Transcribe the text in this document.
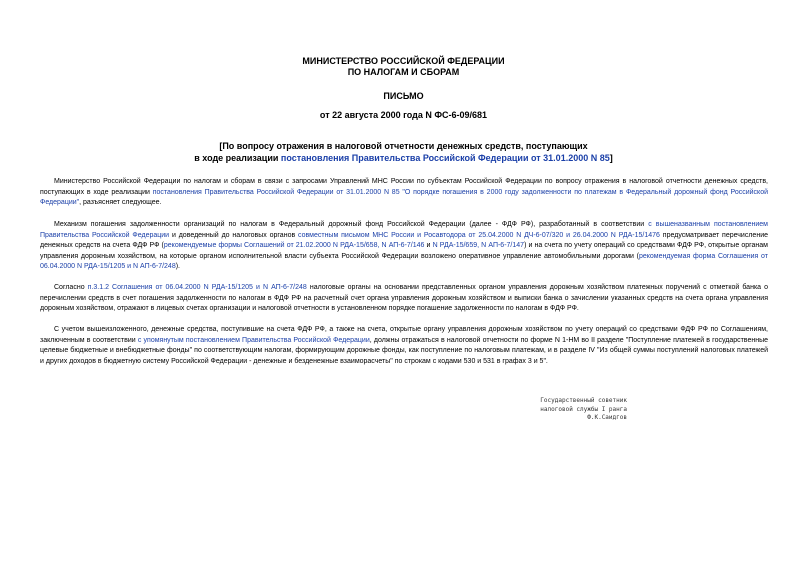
МИНИСТЕРСТВО РОССИЙСКОЙ ФЕДЕРАЦИИ
ПО НАЛОГАМ И СБОРАМ
ПИСЬМО
от 22 августа 2000 года N ФС-6-09/681
[По вопросу отражения в налоговой отчетности денежных средств, поступающих
в ходе реализации постановления Правительства Российской Федерации от 31.01.2000 N 85]

Министерство Российской Федерации по налогам и сборам в связи с запросами Управлений МНС России по субъектам Российской Федерации по вопросу отражения в налоговой отчетности денежных средств, поступающих в ходе реализации постановления Правительства Российской Федерации от 31.01.2000 N 85 "О порядке погашения в 2000 году задолженности по платежам в Федеральный дорожный фонд Российской Федерации", разъясняет следующее.

Механизм погашения задолженности организаций по налогам в Федеральный дорожный фонд Российской Федерации (далее - ФДФ РФ), разработанный в соответствии с вышеназванным постановлением Правительства Российской Федерации и доведенный до налоговых органов совместным письмом МНС России и Росавтодора от 25.04.2000 N ДЧ-6-07/320 и 26.04.2000 N РДА-15/1476 предусматривает перечисление денежных средств на счета ФДФ РФ (рекомендуемые формы Соглашений от 21.02.2000 N РДА-15/658, N АП-6-7/146 и N РДА-15/659, N АП-6-7/147) и на счета по учету операций со средствами ФДФ РФ, открытые органам управления дорожным хозяйством, на которые органом исполнительной власти субъекта Российской Федерации возложено оперативное управление автомобильными дорогами (рекомендуемая форма Соглашения от 06.04.2000 N РДА-15/1205 и N АП-6-7/248).

Согласно п.3.1.2 Соглашения от 06.04.2000 N РДА-15/1205 и N АП-6-7/248 налоговые органы на основании представленных органом управления дорожным хозяйством платежных поручений с отметкой банка о перечислении средств в счет погашения задолженности по налогам в ФДФ РФ на расчетный счет органа управления дорожным хозяйством и выписки банка о зачислении указанных средств на счета органа управления дорожным хозяйством, отражают в лицевых счетах организации и налоговой отчетности в установленном порядке погашение задолженности по налогам в ФДФ РФ.

С учетом вышеизложенного, денежные средства, поступившие на счета ФДФ РФ, а также на счета, открытые органу управления дорожным хозяйством по учету операций со средствами ФДФ РФ по Соглашениям, заключенным в соответствии с упомянутым постановлением Правительства Российской Федерации, должны отражаться в налоговой отчетности по форме N 1-НМ во II разделе "Поступление платежей в государственные целевые бюджетные и внебюджетные фонды" по соответствующим налогам, формирующим дорожные фонды, как поступление по налоговым платежам, и в разделе IV "Из общей суммы поступлений налоговых платежей и других доходов в бюджетную систему Российской Федерации - денежные и безденежные взаиморасчеты" по строкам с кодами 530 и 531 в графах 3 и 5".

Государственный советник
налоговой службы I ранга
Ф.К.Саидгов
